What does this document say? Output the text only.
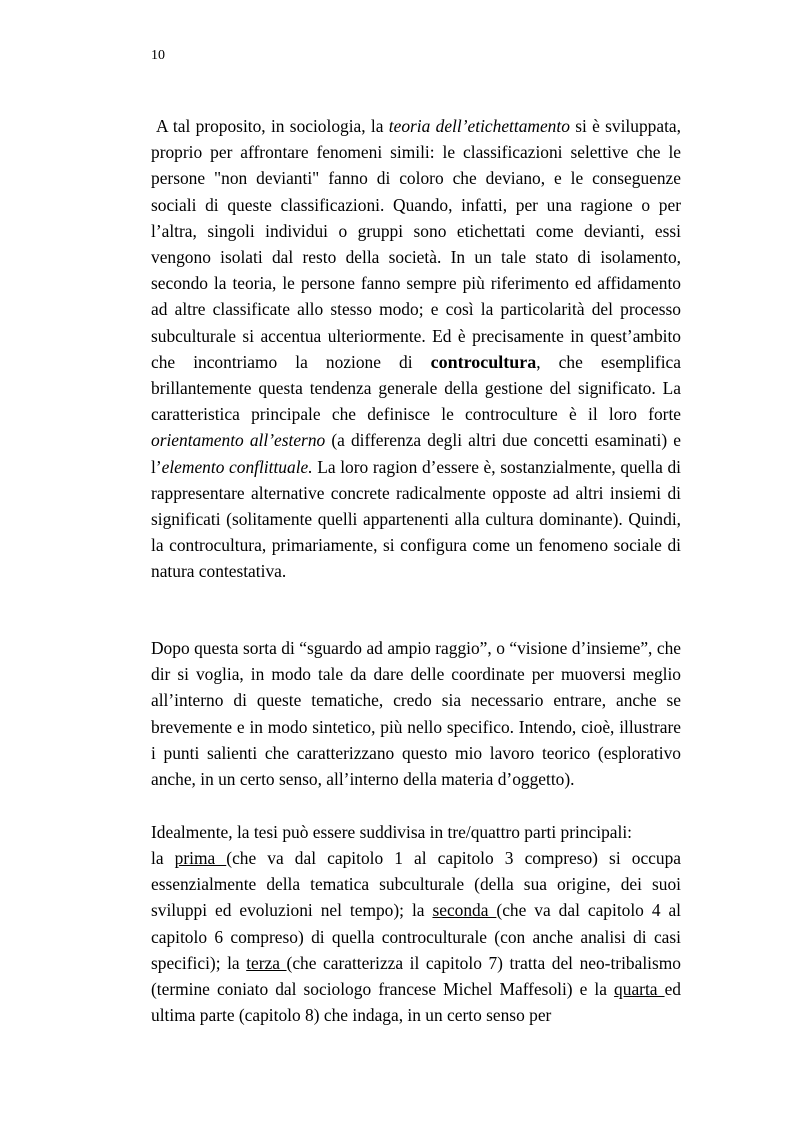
10

A tal proposito, in sociologia, la teoria dell’etichettamento si è sviluppata, proprio per affrontare fenomeni simili: le classificazioni selettive che le persone "non devianti" fanno di coloro che deviano, e le conseguenze sociali di queste classificazioni. Quando, infatti, per una ragione o per l’altra, singoli individui o gruppi sono etichettati come devianti, essi vengono isolati dal resto della società. In un tale stato di isolamento, secondo la teoria, le persone fanno sempre più riferimento ed affidamento ad altre classificate allo stesso modo; e così la particolarità del processo subculturale si accentua ulteriormente. Ed è precisamente in quest’ambito che incontriamo la nozione di controcultura, che esemplifica brillantemente questa tendenza generale della gestione del significato. La caratteristica principale che definisce le controculture è il loro forte orientamento all’esterno (a differenza degli altri due concetti esaminati) e l’elemento conflittuale. La loro ragion d’essere è, sostanzialmente, quella di rappresentare alternative concrete radicalmente opposte ad altri insiemi di significati (solitamente quelli appartenenti alla cultura dominante). Quindi, la controcultura, primariamente, si configura come un fenomeno sociale di natura contestativa.

Dopo questa sorta di “sguardo ad ampio raggio”, o “visione d’insieme”, che dir si voglia, in modo tale da dare delle coordinate per muoversi meglio all’interno di queste tematiche, credo sia necessario entrare, anche se brevemente e in modo sintetico, più nello specifico. Intendo, cioè, illustrare i punti salienti che caratterizzano questo mio lavoro teorico (esplorativo anche, in un certo senso, all’interno della materia d’oggetto).

Idealmente, la tesi può essere suddivisa in tre/quattro parti principali:

la prima (che va dal capitolo 1 al capitolo 3 compreso) si occupa essenzialmente della tematica subculturale (della sua origine, dei suoi sviluppi ed evoluzioni nel tempo); la seconda (che va dal capitolo 4 al capitolo 6 compreso) di quella controculturale (con anche analisi di casi specifici); la terza (che caratterizza il capitolo 7) tratta del neo-tribalismo (termine coniato dal sociologo francese Michel Maffesoli) e la quarta ed ultima parte (capitolo 8) che indaga, in un certo senso per
